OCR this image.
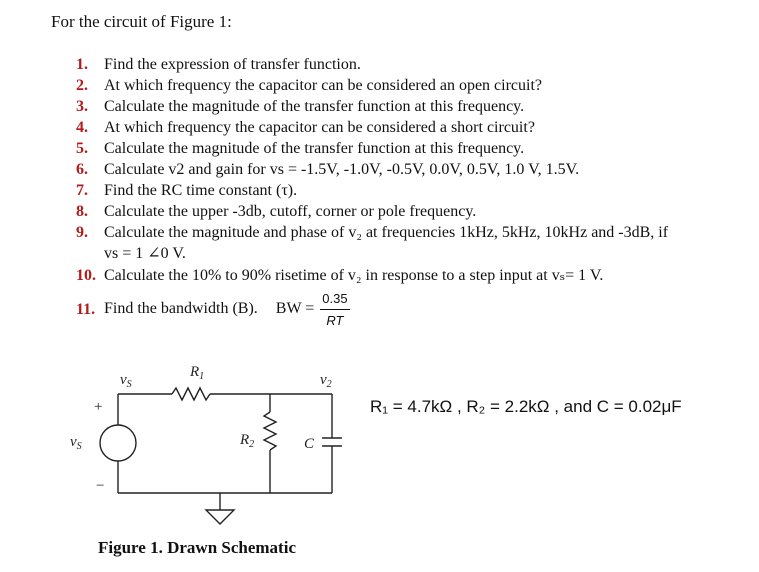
For the circuit of Figure 1:
1.	Find the expression of transfer function.
2.	At which frequency the capacitor can be considered an open circuit?
3.	Calculate the magnitude of the transfer function at this frequency.
4.	At which frequency the capacitor can be considered a short circuit?
5.	Calculate the magnitude of the transfer function at this frequency.
6.	Calculate v2 and gain for vs = -1.5V, -1.0V, -0.5V, 0.0V, 0.5V, 1.0 V, 1.5V.
7.	Find the RC time constant (τ).
8.	Calculate the upper -3db, cutoff, corner or pole frequency.
9.	Calculate the magnitude and phase of v₂ at frequencies 1kHz, 5kHz, 10kHz and -3dB, if
vs = 1 ∠0 V.
10. Calculate the 10% to 90% risetime of v₂ in response to a step input at vₛ= 1 V.
11. Find the bandwidth (B). BW = $\frac{0.35}{RT}$
$v_S$
$R_1$	$v_2$
$v_S$	$R_2$	C
+
−
R₁ = 4.7kΩ , R₂ = 2.2kΩ , and C = 0.02μF
Figure 1. Drawn Schematic
